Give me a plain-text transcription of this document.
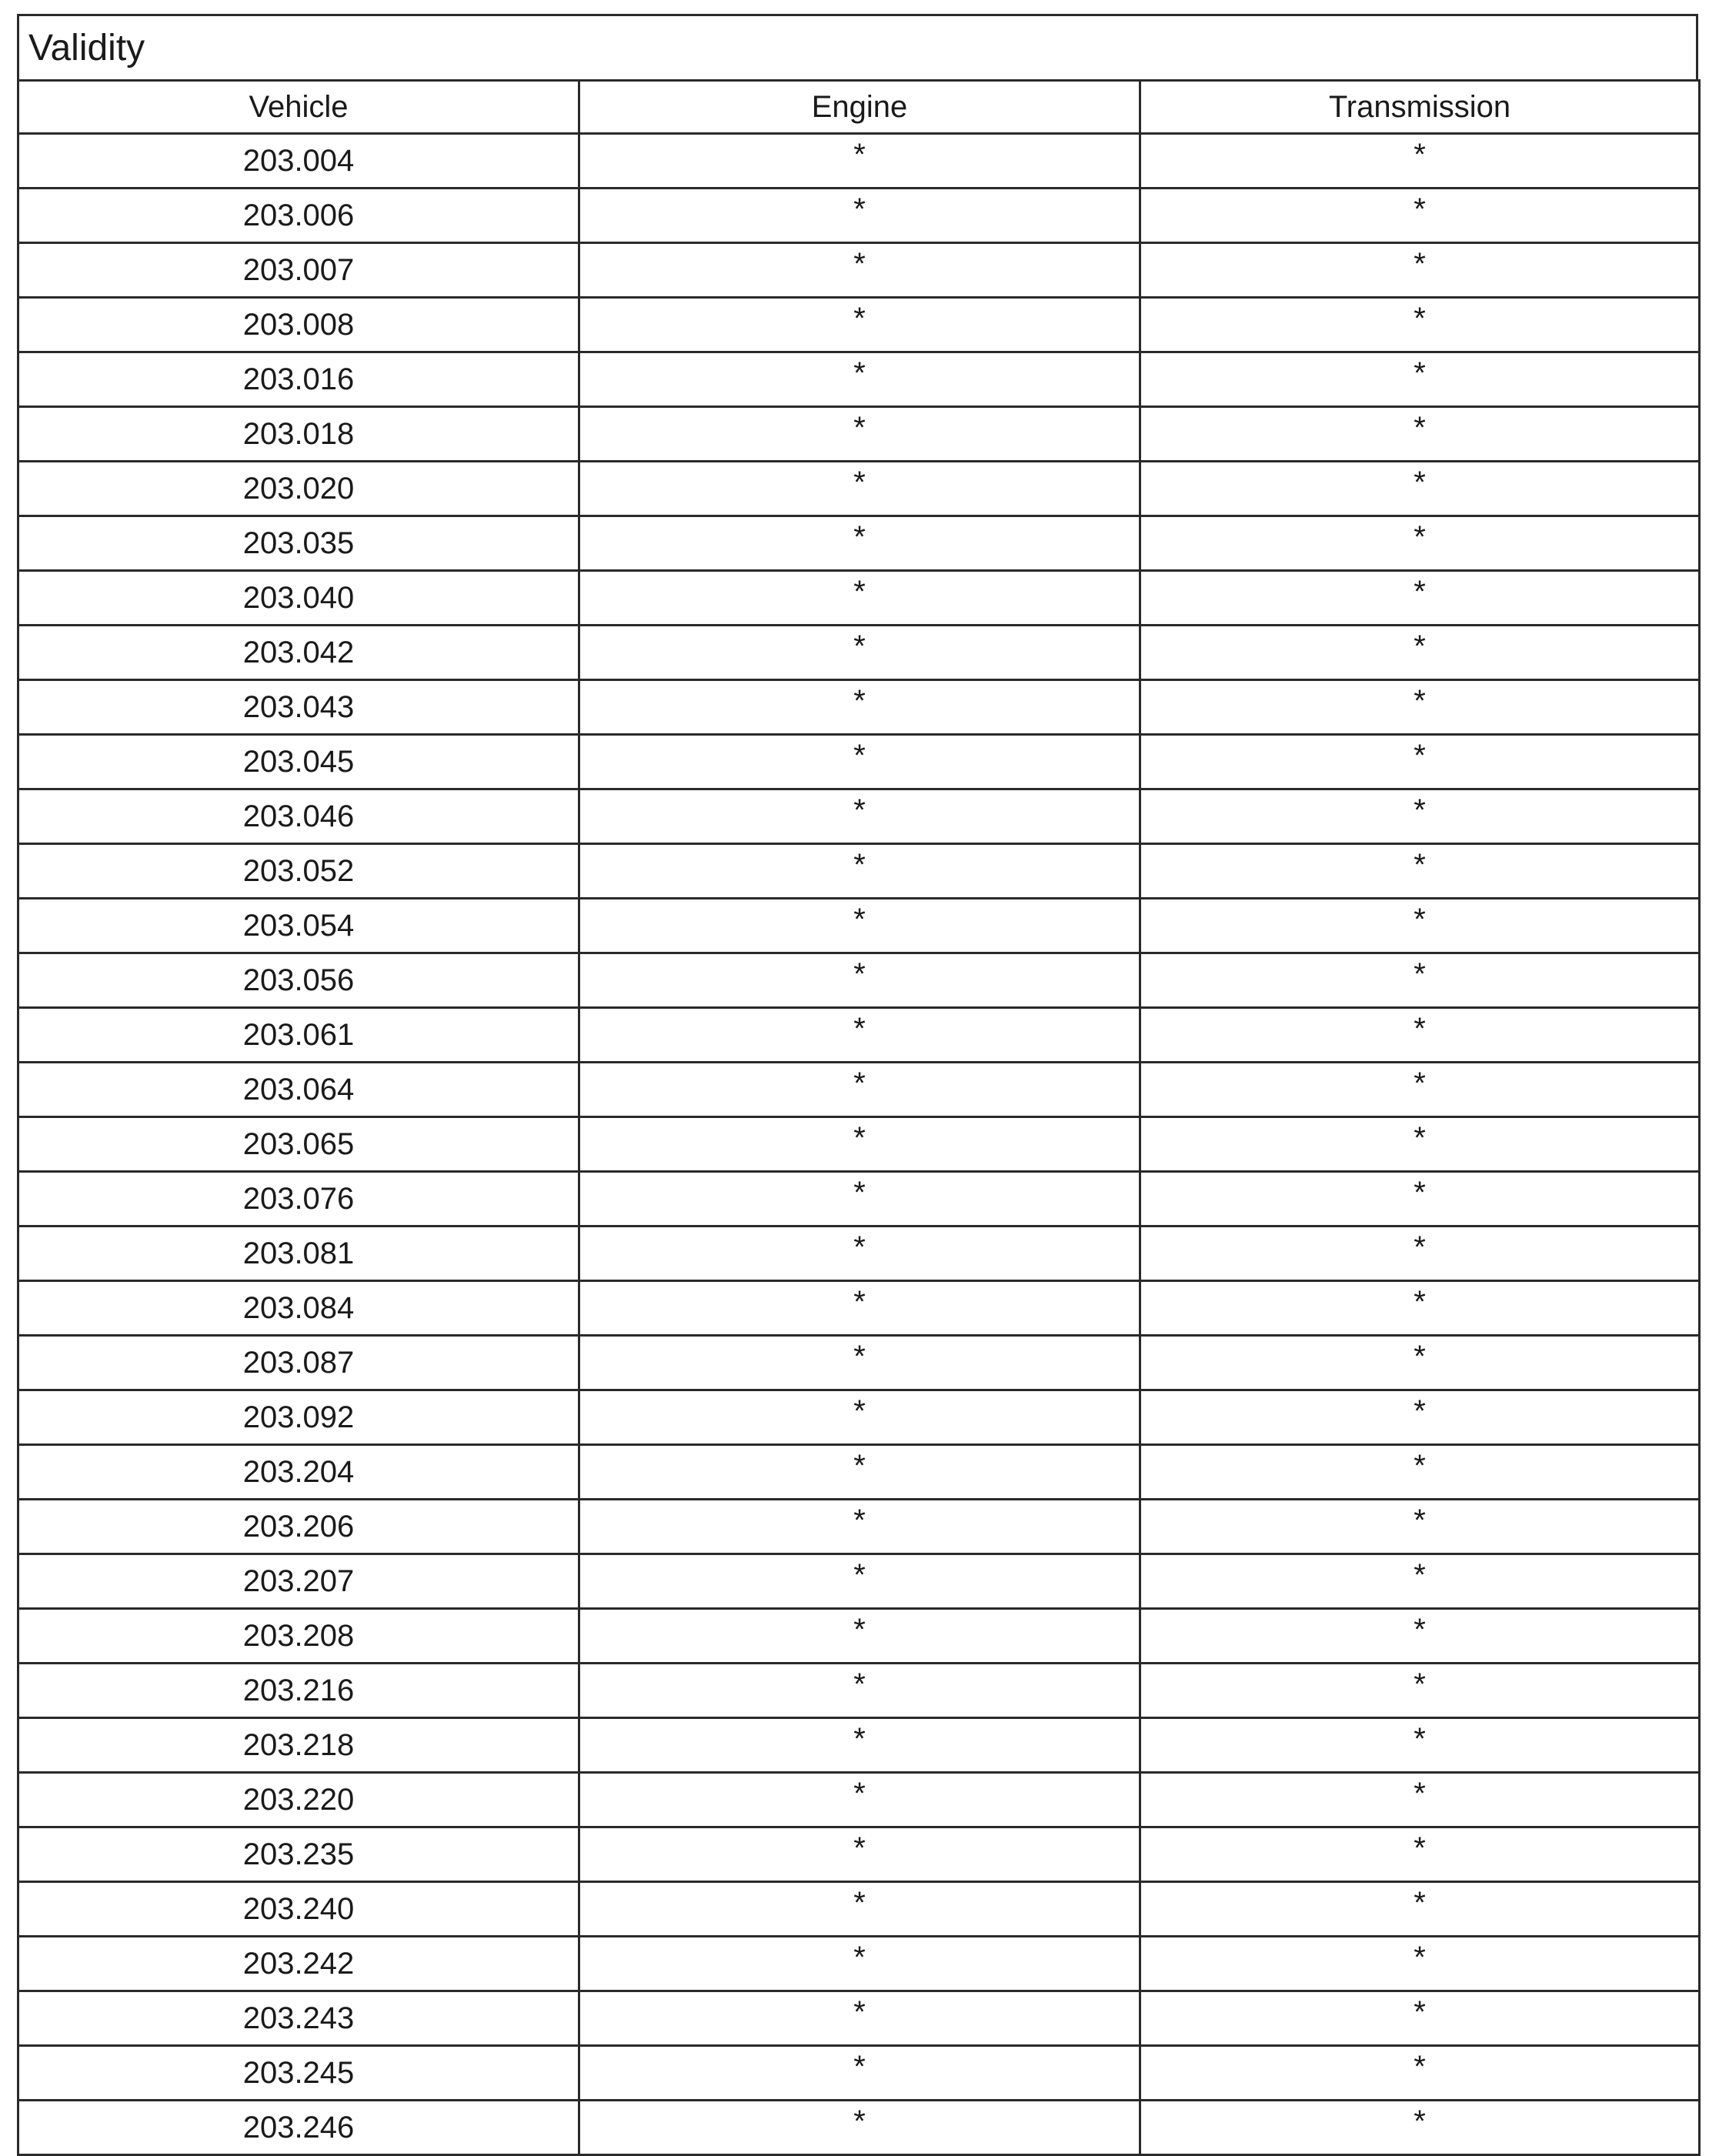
Validity
Vehicle	Engine	Transmission
203.004	*	*
203.006	*	*
203.007	*	*
203.008	*	*
203.016	*	*
203.018	*	*
203.020	*	*
203.035	*	*
203.040	*	*
203.042	*	*
203.043	*	*
203.045	*	*
203.046	*	*
203.052	*	*
203.054	*	*
203.056	*	*
203.061	*	*
203.064	*	*
203.065	*	*
203.076	*	*
203.081	*	*
203.084	*	*
203.087	*	*
203.092	*	*
203.204	*	*
203.206	*	*
203.207	*	*
203.208	*	*
203.216	*	*
203.218	*	*
203.220	*	*
203.235	*	*
203.240	*	*
203.242	*	*
203.243	*	*
203.245	*	*
203.246	*	*
